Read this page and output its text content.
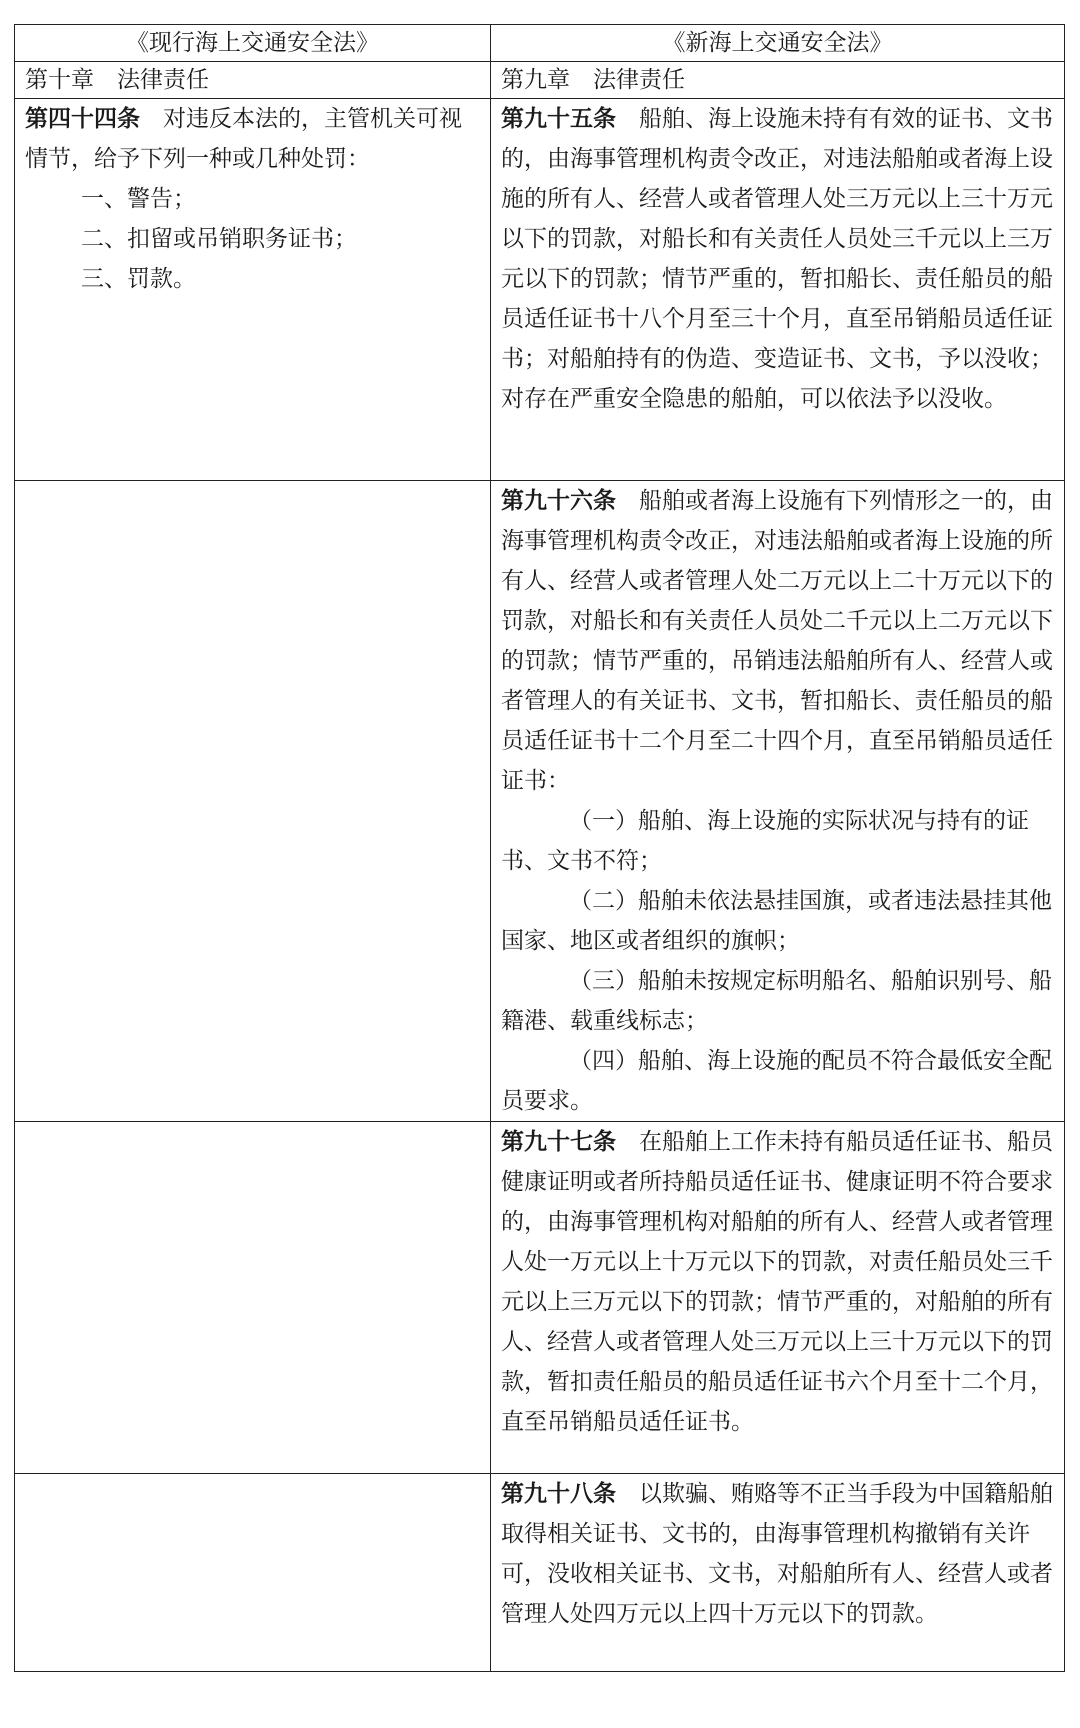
《现行海上交通安全法》	《新海上交通安全法》
第十章　法律责任	第九章　法律责任

第四十四条　对违反本法的，主管机关可视情节，给予下列一种或几种处罚：
一、警告；
二、扣留或吊销职务证书；
三、罚款。	第九十五条　船舶、海上设施未持有有效的证书、文书的，由海事管理机构责令改正，对违法船舶或者海上设施的所有人、经营人或者管理人处三万元以上三十万元以下的罚款，对船长和有关责任人员处三千元以上三万元以下的罚款；情节严重的，暂扣船长、责任船员的船员适任证书十八个月至三十个月，直至吊销船员适任证书；对船舶持有的伪造、变造证书、文书，予以没收；对存在严重安全隐患的船舶，可以依法予以没收。

	第九十六条　船舶或者海上设施有下列情形之一的，由海事管理机构责令改正，对违法船舶或者海上设施的所有人、经营人或者管理人处二万元以上二十万元以下的罚款，对船长和有关责任人员处二千元以上二万元以下的罚款；情节严重的，吊销违法船舶所有人、经营人或者管理人的有关证书、文书，暂扣船长、责任船员的船员适任证书十二个月至二十四个月，直至吊销船员适任证书：
（一）船舶、海上设施的实际状况与持有的证书、文书不符；
（二）船舶未依法悬挂国旗，或者违法悬挂其他国家、地区或者组织的旗帜；
（三）船舶未按规定标明船名、船舶识别号、船籍港、载重线标志；
（四）船舶、海上设施的配员不符合最低安全配员要求。

	第九十七条　在船舶上工作未持有船员适任证书、船员健康证明或者所持船员适任证书、健康证明不符合要求的，由海事管理机构对船舶的所有人、经营人或者管理人处一万元以上十万元以下的罚款，对责任船员处三千元以上三万元以下的罚款；情节严重的，对船舶的所有人、经营人或者管理人处三万元以上三十万元以下的罚款，暂扣责任船员的船员适任证书六个月至十二个月，直至吊销船员适任证书。

	第九十八条　以欺骗、贿赂等不正当手段为中国籍船舶取得相关证书、文书的，由海事管理机构撤销有关许可，没收相关证书、文书，对船舶所有人、经营人或者管理人处四万元以上四十万元以下的罚款。
